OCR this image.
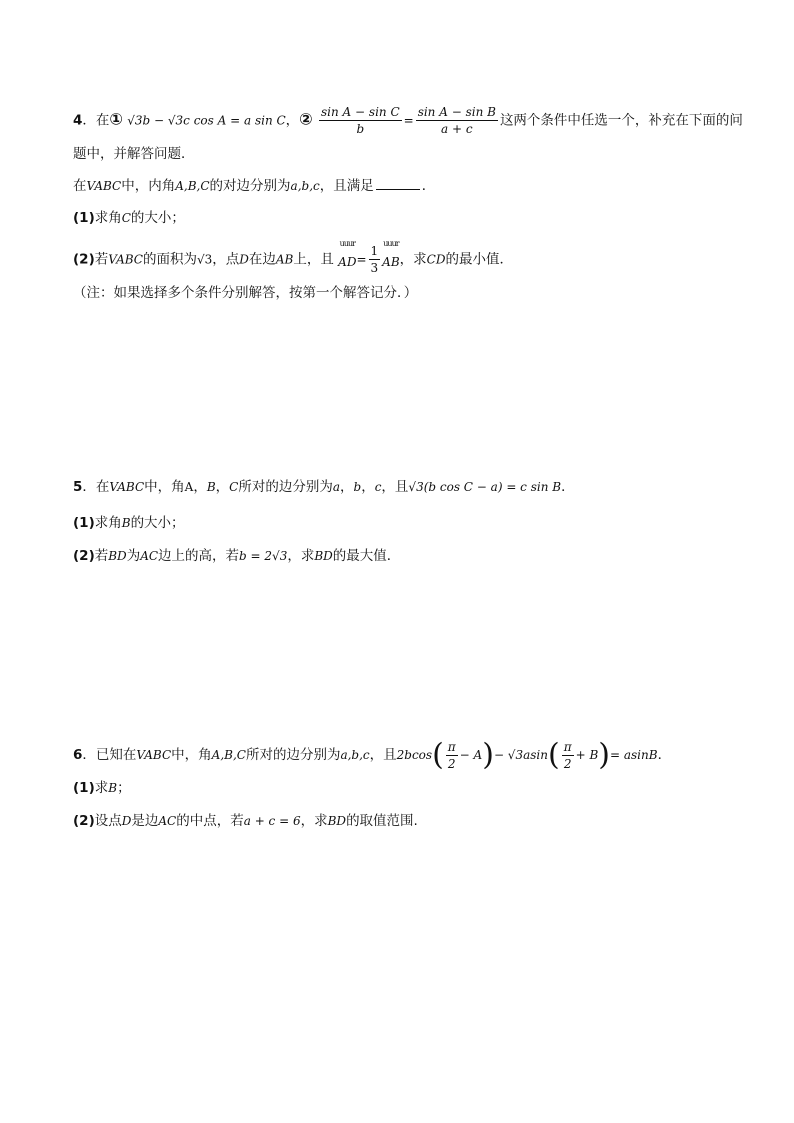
4．在① √3b − √3c cos A = a sin C，② $\frac{\text{sin A − sin C}}{b} = \frac{\text{sin A − sin B}}{a + c}$ 这两个条件中任选一个，补充在下面的问
题中，并解答问题．
在VABC中，内角A,B,C的对边分别为a,b,c，且满足	．
(1)求角C的大小；
(2)若VABC的面积为√3，点D在边AB上，且
uuur
AD = $\frac{1}{3}$ uuur
AB ，求CD的最小值．
（注：如果选择多个条件分别解答，按第一个解答记分．）
5．在VABC中，角A，B，C所对的边分别为a，b，c，且√3(b cos C − a) = c sin B．
(1)求角B的大小；
(2)若BD为AC边上的高，若b = 2√3，求BD的最大值．
6．已知在VABC中，角A,B,C所对的边分别为a,b,c，且$2bcos( \frac{\pi}{2} - A)- √3asin( \frac{\pi}{2} + B)= asinB$．
(1)求B；
(2)设点D是边AC的中点，若a + c = 6，求BD的取值范围.
